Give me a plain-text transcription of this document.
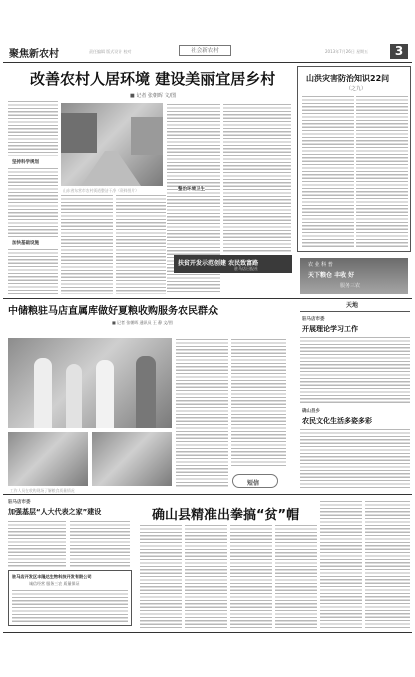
聚焦新农村	责任编辑 版式设计 校对	社会新农村	2013年7月26日 星期五	3
改善农村人居环境 建设美丽宜居乡村
■ 记者 张朝晖 文/图
坚持科学规划
加快基础设施
山东省东营市农村街道整洁干净（资料图片）	整治环境卫生
扶贫开发示范创建 农民致富路
驻马店日报社
山洪灾害防治知识22问
（之九）
农 业 科 普
天下粮仓 丰收 好
服务三农
中储粮驻马店直属库做好夏粮收购服务农民群众
■ 记者 张朝晖 通讯员 王 静 文/图
工作人员在收购现场了解粮食质量情况
短信
天地
驻马店市委
开展理论学习工作
确山县乡
农民文化生活多姿多彩
驻马店市委
加强基层“人大代表之家”建设
驻马店开发区丰隆达生物科技开发有限公司
诚信经营 服务三农 质量保证
确山县精准出拳搞“贫”帽
